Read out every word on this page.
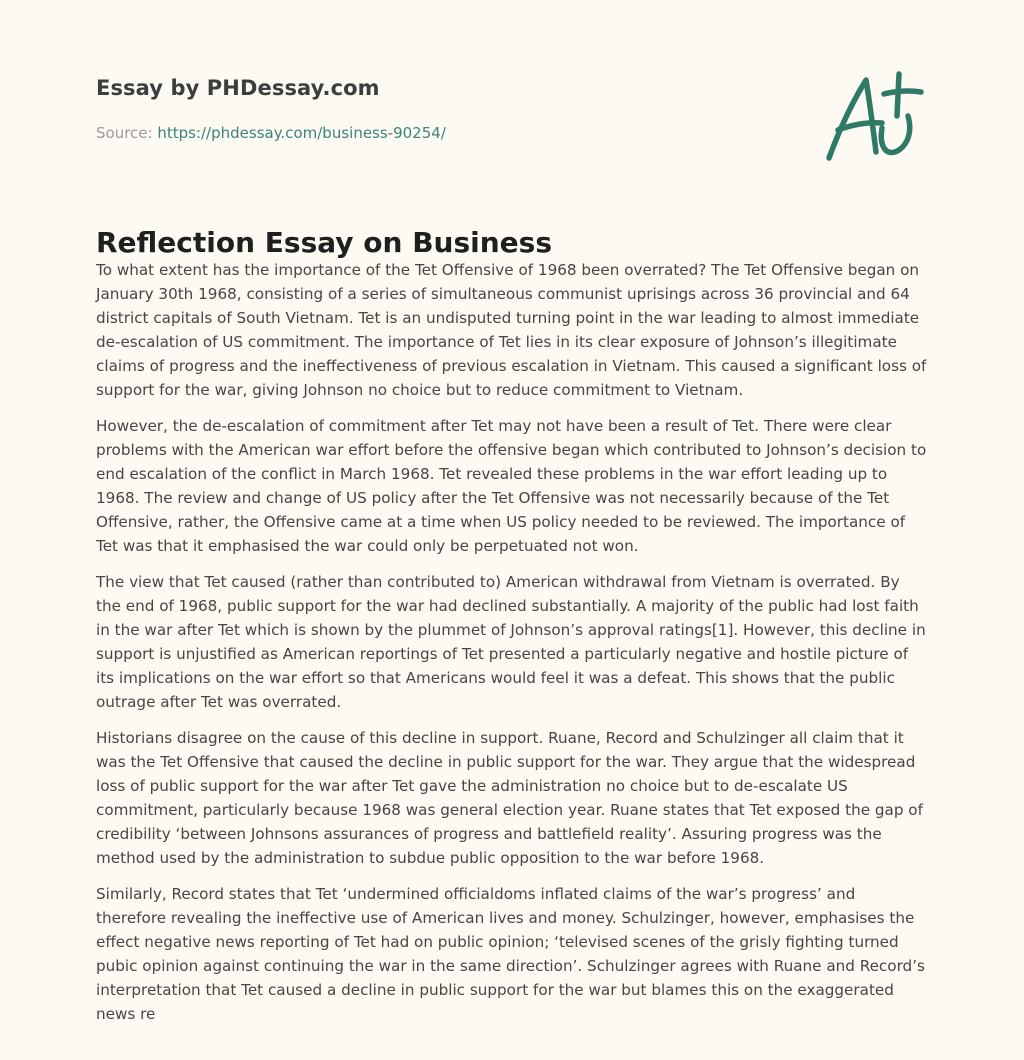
Essay by PHDessay.com
Source: https://phdessay.com/business-90254/
Reflection Essay on Business

To what extent has the importance of the Tet Offensive of 1968 been overrated? The Tet Offensive began on January 30th 1968, consisting of a series of simultaneous communist uprisings across 36 provincial and 64 district capitals of South Vietnam. Tet is an undisputed turning point in the war leading to almost immediate de-escalation of US commitment. The importance of Tet lies in its clear exposure of Johnson’s illegitimate claims of progress and the ineffectiveness of previous escalation in Vietnam. This caused a significant loss of support for the war, giving Johnson no choice but to reduce commitment to Vietnam.

However, the de-escalation of commitment after Tet may not have been a result of Tet. There were clear problems with the American war effort before the offensive began which contributed to Johnson’s decision to end escalation of the conflict in March 1968. Tet revealed these problems in the war effort leading up to 1968. The review and change of US policy after the Tet Offensive was not necessarily because of the Tet Offensive, rather, the Offensive came at a time when US policy needed to be reviewed. The importance of Tet was that it emphasised the war could only be perpetuated not won.

The view that Tet caused (rather than contributed to) American withdrawal from Vietnam is overrated. By the end of 1968, public support for the war had declined substantially. A majority of the public had lost faith in the war after Tet which is shown by the plummet of Johnson’s approval ratings[1]. However, this decline in support is unjustified as American reportings of Tet presented a particularly negative and hostile picture of its implications on the war effort so that Americans would feel it was a defeat. This shows that the public outrage after Tet was overrated.

Historians disagree on the cause of this decline in support. Ruane, Record and Schulzinger all claim that it was the Tet Offensive that caused the decline in public support for the war. They argue that the widespread loss of public support for the war after Tet gave the administration no choice but to de-escalate US commitment, particularly because 1968 was general election year. Ruane states that Tet exposed the gap of credibility ‘between Johnsons assurances of progress and battlefield reality’. Assuring progress was the method used by the administration to subdue public opposition to the war before 1968.

Similarly, Record states that Tet ‘undermined officialdoms inflated claims of the war’s progress’ and therefore revealing the ineffective use of American lives and money. Schulzinger, however, emphasises the effect negative news reporting of Tet had on public opinion; ‘televised scenes of the grisly fighting turned pubic opinion against continuing the war in the same direction’. Schulzinger agrees with Ruane and Record’s interpretation that Tet caused a decline in public support for the war but blames this on the exaggerated news re
